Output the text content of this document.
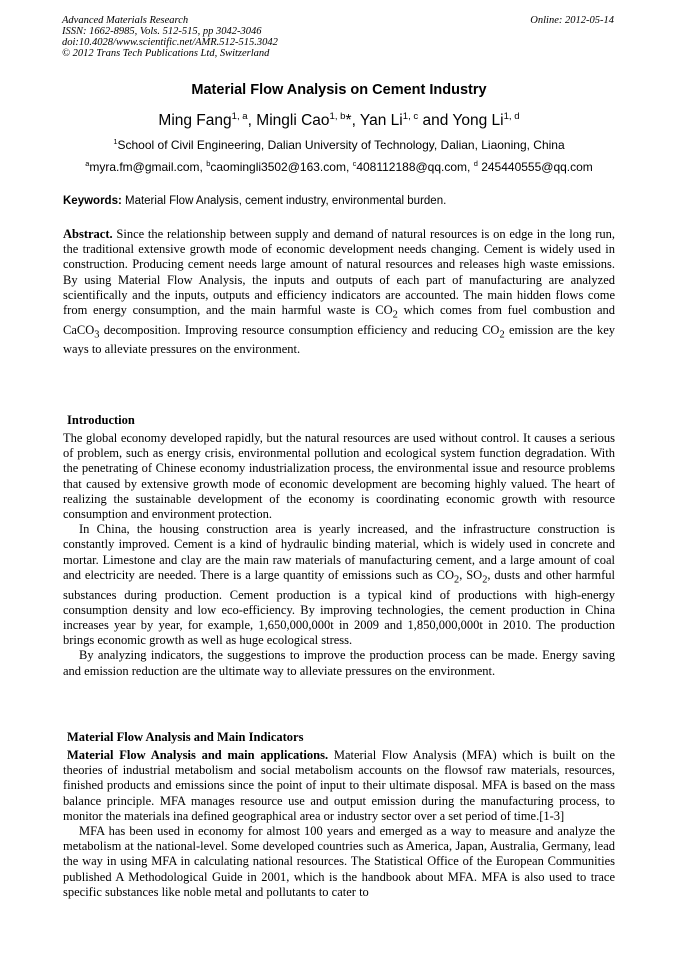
Advanced Materials Research
ISSN: 1662-8985, Vols. 512-515, pp 3042-3046
doi:10.4028/www.scientific.net/AMR.512-515.3042
© 2012 Trans Tech Publications Ltd, Switzerland
Online: 2012-05-14
Material Flow Analysis on Cement Industry
Ming Fang$^{1, a}$, Mingli Cao$^{1, b}$*, Yan Li$^{1, c}$ and Yong Li$^{1, d}$
$^1$School of Civil Engineering, Dalian University of Technology, Dalian, Liaoning, China
$^a$myra.fm@gmail.com, $^b$caomingli3502@163.com, $^c$408112188@qq.com, $^d$ 245440555@qq.com
Keywords: Material Flow Analysis, cement industry, environmental burden.

Abstract. Since the relationship between supply and demand of natural resources is on edge in the long run, the traditional extensive growth mode of economic development needs changing. Cement is widely used in construction. Producing cement needs large amount of natural resources and releases high waste emissions. By using Material Flow Analysis, the inputs and outputs of each part of manufacturing are analyzed scientifically and the inputs, outputs and efficiency indicators are accounted. The main hidden flows come from energy consumption, and the main harmful waste is $CO_2$ which comes from fuel combustion and CaCO$_3$ decomposition. Improving resource consumption efficiency and reducing $CO_2$ emission are the key ways to alleviate pressures on the environment.

Introduction

The global economy developed rapidly, but the natural resources are used without control. It causes a serious of problem, such as energy crisis, environmental pollution and ecological system function degradation. With the penetrating of Chinese economy industrialization process, the environmental issue and resource problems that caused by extensive growth mode of economic development are becoming highly valued. The heart of realizing the sustainable development of the economy is coordinating economic growth with resource consumption and environment protection.

In China, the housing construction area is yearly increased, and the infrastructure construction is constantly improved. Cement is a kind of hydraulic binding material, which is widely used in concrete and mortar. Limestone and clay are the main raw materials of manufacturing cement, and a large amount of coal and electricity are needed. There is a large quantity of emissions such as $CO_2$, $SO_2$, dusts and other harmful substances during production. Cement production is a typical kind of productions with high-energy consumption density and low eco-efficiency. By improving technologies, the cement production in China increases year by year, for example, 1,650,000,000t in 2009 and 1,850,000,000t in 2010. The production brings economic growth as well as huge ecological stress.

By analyzing indicators, the suggestions to improve the production process can be made. Energy saving and emission reduction are the ultimate way to alleviate pressures on the environment.

Material Flow Analysis and Main Indicators

Material Flow Analysis and main applications. Material Flow Analysis (MFA) which is built on the theories of industrial metabolism and social metabolism accounts on the flowsof raw materials, resources, finished products and emissions since the point of input to their ultimate disposal. MFA is based on the mass balance principle. MFA manages resource use and output emission during the manufacturing process, to monitor the materials ina defined geographical area or industry sector over a set period of time.[1-3]

MFA has been used in economy for almost 100 years and emerged as a way to measure and analyze the metabolism at the national-level. Some developed countries such as America, Japan, Australia, Germany, lead the way in using MFA in calculating national resources. The Statistical Office of the European Communities published A Methodological Guide in 2001, which is the handbook about MFA. MFA is also used to trace specific substances like noble metal and pollutants to cater to
